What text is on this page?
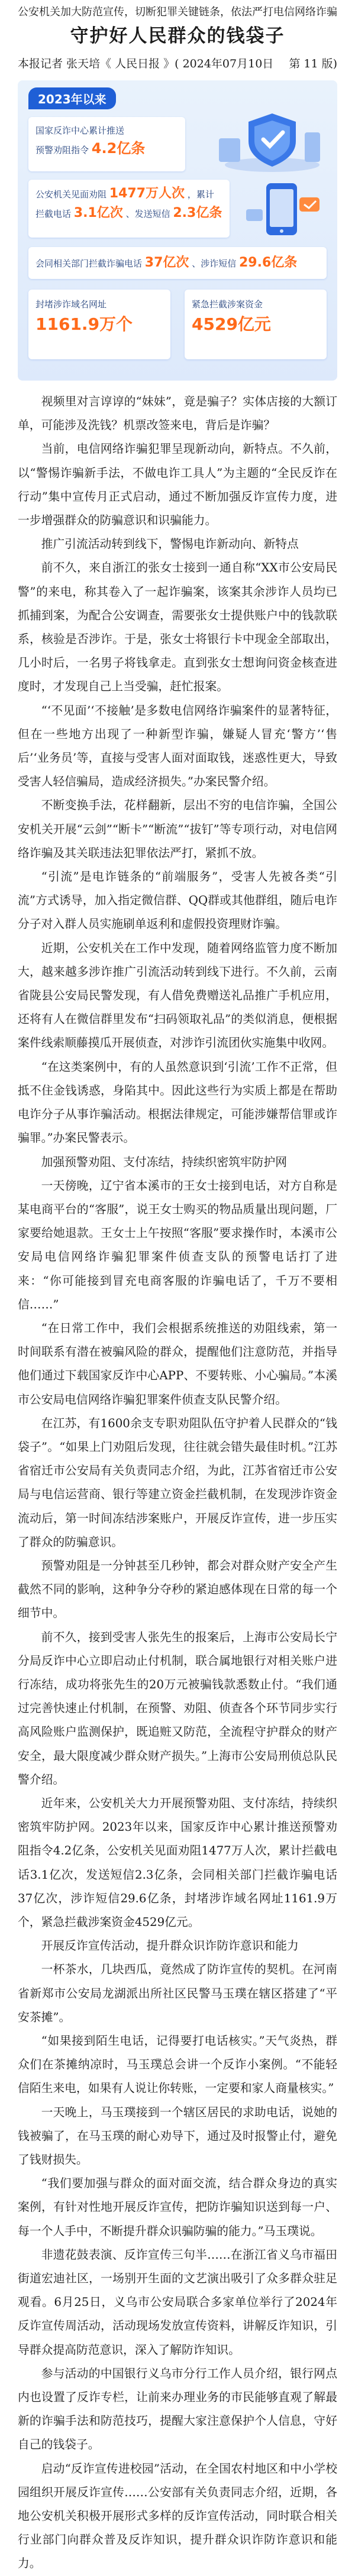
公安机关加大防范宣传，切断犯罪关键链条，依法严打电信网络诈骗
守护好人民群众的钱袋子
本报记者 张天培《 人民日报 》( 2024年07月10日 第 11 版)
2023年以来
国家反诈中心累计推送
预警劝阻指令 4.2亿条
公安机关见面劝阻 1477万人次 ，累计
拦截电话 3.1亿次 、发送短信 2.3亿条
会同相关部门拦截诈骗电话 37亿次 、涉诈短信 29.6亿条
封堵涉诈域名网址
1161.9万个
紧急拦截涉案资金
4529亿元

视频里对言谆谆的“妹妹”，竟是骗子？实体店接的大额订单，可能涉及洗钱？机票改签来电，背后是诈骗？

当前，电信网络诈骗犯罪呈现新动向，新特点。不久前，以“警惕诈骗新手法，不做电诈工具人”为主题的“全民反诈在行动”集中宣传月正式启动，通过不断加强反诈宣传力度，进一步增强群众的防骗意识和识骗能力。

推广引流活动转到线下，警惕电诈新动向、新特点

前不久，来自浙江的张女士接到一通自称“XX市公安局民警”的来电，称其卷入了一起诈骗案，该案其余涉诈人员均已抓捕到案，为配合公安调查，需要张女士提供账户中的钱款联系，核验是否涉诈。于是，张女士将银行卡中现金全部取出，几小时后，一名男子将钱拿走。直到张女士想询问资金核查进度时，才发现自己上当受骗，赶忙报案。

“‘不见面’‘不接触’是多数电信网络诈骗案件的显著特征，但在一些地方出现了一种新型诈骗，嫌疑人冒充‘警方’‘售后’‘业务员’等，直接与受害人面对面取钱，迷惑性更大，导致受害人轻信骗局，造成经济损失。”办案民警介绍。

不断变换手法，花样翻新，层出不穷的电信诈骗，全国公安机关开展“云剑”“断卡”“断流”“拔钉”等专项行动，对电信网络诈骗及其关联违法犯罪依法严打，紧抓不放。

“引流”是电诈链条的“前端服务”，受害人先被各类“引流”方式诱导，加入指定微信群、QQ群或其他群组，随后电诈分子对入群人员实施刷单返利和虚假投资理财诈骗。

近期，公安机关在工作中发现，随着网络监管力度不断加大，越来越多涉诈推广引流活动转到线下进行。不久前，云南省陇县公安局民警发现，有人借免费赠送礼品推广手机应用，还将有人在微信群里发布“扫码领取礼品”的类似消息，便根据案件线索顺藤摸瓜开展侦查，对涉诈引流团伙实施集中收网。

“在这类案例中，有的人虽然意识到‘引流’工作不正常，但抵不住金钱诱惑，身陷其中。因此这些行为实质上都是在帮助电诈分子从事诈骗活动。根据法律规定，可能涉嫌帮信罪或诈骗罪。”办案民警表示。

加强预警劝阻、支付冻结，持续织密筑牢防护网

一天傍晚，辽宁省本溪市的王女士接到电话，对方自称是某电商平台的“客服”，说王女士购买的物品质量出现问题，厂家要给她退款。王女士上午按照“客服”要求操作时，本溪市公安局电信网络诈骗犯罪案件侦查支队的预警电话打了进来：“你可能接到冒充电商客服的诈骗电话了，千万不要相信……”

“在日常工作中，我们会根据系统推送的劝阻线索，第一时间联系有潜在被骗风险的群众，提醒他们注意防范，并指导他们通过下载国家反诈中心APP、不要转账、小心骗局。”本溪市公安局电信网络诈骗犯罪案件侦查支队民警介绍。

在江苏，有1600余支专职劝阻队伍守护着人民群众的“钱袋子”。“如果上门劝阻后发现，往往就会错失最佳时机。”江苏省宿迁市公安局有关负责同志介绍，为此，江苏省宿迁市公安局与电信运营商、银行等建立资金拦截机制，在发现涉诈资金流动后，第一时间冻结涉案账户，开展反诈宣传，进一步压实了群众的防骗意识。

预警劝阻是一分钟甚至几秒钟，都会对群众财产安全产生截然不同的影响，这种争分夺秒的紧迫感体现在日常的每一个细节中。

前不久，接到受害人张先生的报案后，上海市公安局长宁分局反诈中心立即启动止付机制，联合属地银行对相关账户进行冻结，成功将张先生的20万元被骗钱款悉数止付。“我们通过完善快速止付机制，在预警、劝阻、侦查各个环节同步实行高风险账户监测保护，既追赃又防范，全流程守护群众的财产安全，最大限度减少群众财产损失。”上海市公安局刑侦总队民警介绍。

近年来，公安机关大力开展预警劝阻、支付冻结，持续织密筑牢防护网。2023年以来，国家反诈中心累计推送预警劝阻指令4.2亿条，公安机关见面劝阻1477万人次，累计拦截电话3.1亿次，发送短信2.3亿条，会同相关部门拦截诈骗电话37亿次，涉诈短信29.6亿条，封堵涉诈域名网址1161.9万个，紧急拦截涉案资金4529亿元。

开展反诈宣传活动，提升群众识诈防诈意识和能力

一杯茶水，几块西瓜，竟然成了防诈宣传的契机。在河南省新郑市公安局龙湖派出所社区民警马玉璞在辖区搭建了“平安茶摊”。

“如果接到陌生电话，记得要打电话核实。”天气炎热，群众们在茶摊纳凉时，马玉璞总会讲一个反诈小案例。“不能轻信陌生来电，如果有人说让你转账，一定要和家人商量核实。”

一天晚上，马玉璞接到一个辖区居民的求助电话，说她的钱被骗了，在马玉璞的耐心劝导下，通过及时报警止付，避免了钱财损失。

“我们要加强与群众的面对面交流，结合群众身边的真实案例，有针对性地开展反诈宣传，把防诈骗知识送到每一户、每一个人手中，不断提升群众识骗防骗的能力。”马玉璞说。

非遗花鼓表演、反诈宣传三句半……在浙江省义乌市福田街道宏迪社区，一场别开生面的文艺演出吸引了众多群众驻足观看。6月25日，义乌市公安局联合多家单位举行了2024年反诈宣传周活动，活动现场发放宣传资料，讲解反诈知识，引导群众提高防范意识，深入了解防诈知识。

参与活动的中国银行义乌市分行工作人员介绍，银行网点内也设置了反诈专栏，让前来办理业务的市民能够直观了解最新的诈骗手法和防范技巧，提醒大家注意保护个人信息，守好自己的钱袋子。

启动“反诈宣传进校园”活动，在全国农村地区和中小学校园组织开展反诈宣传……公安部有关负责同志介绍，近期，各地公安机关积极开展形式多样的反诈宣传活动，同时联合相关行业部门向群众普及反诈知识，提升群众识诈防诈意识和能力。
